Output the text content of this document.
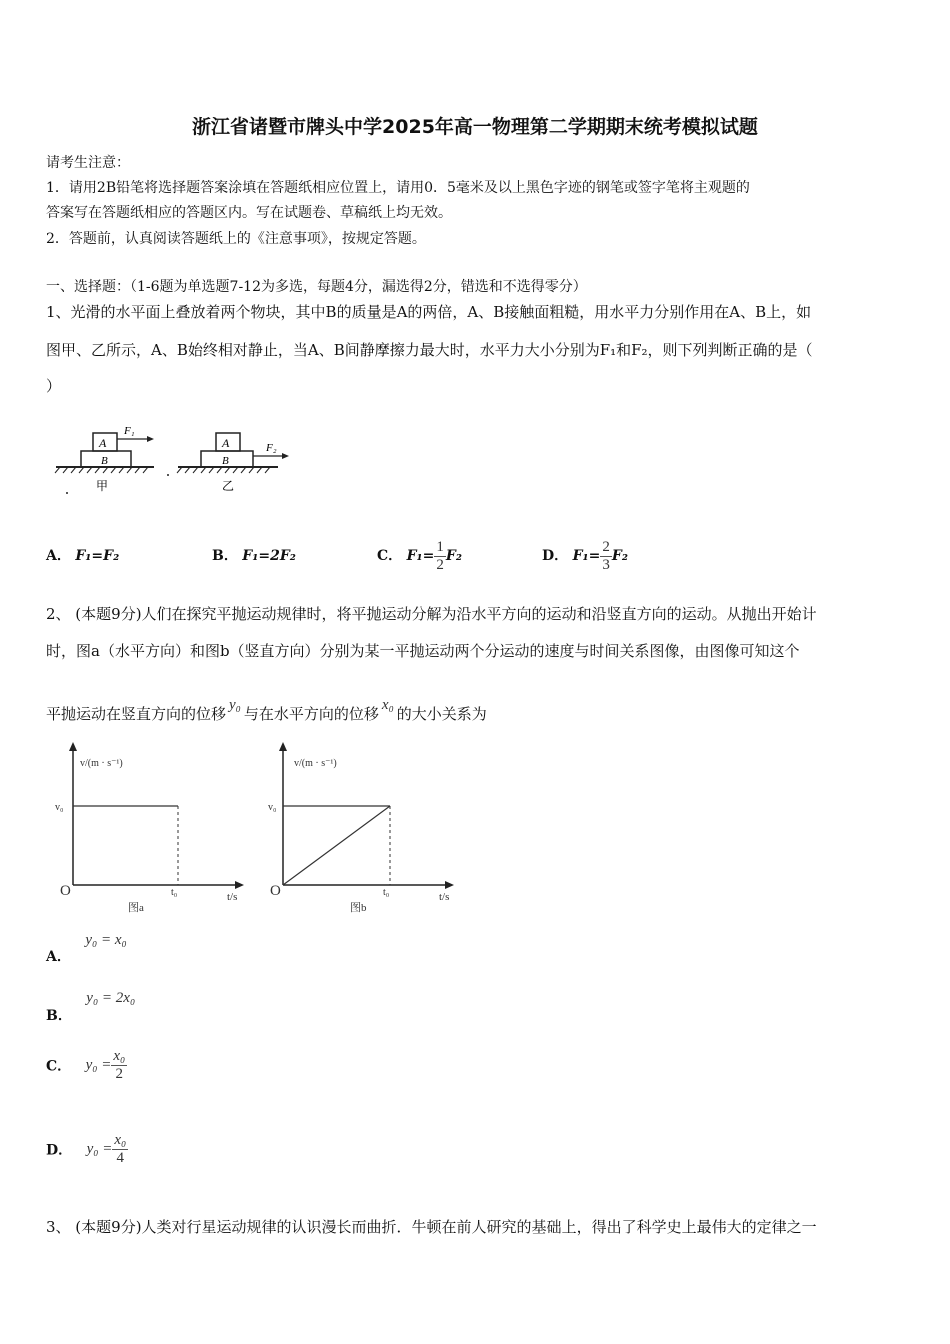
浙江省诸暨市牌头中学2025年高一物理第二学期期末统考模拟试题
请考生注意：
1．请用2B铅笔将选择题答案涂填在答题纸相应位置上，请用0．5毫米及以上黑色字迹的钢笔或签字笔将主观题的
答案写在答题纸相应的答题区内。写在试题卷、草稿纸上均无效。
2．答题前，认真阅读答题纸上的《注意事项》，按规定答题。
一、选择题：（1-6题为单选题7-12为多选，每题4分，漏选得2分，错选和不选得零分）
1、光滑的水平面上叠放着两个物块，其中B的质量是A的两倍，A、B接触面粗糙，用水平力分别作用在A、B上，如
图甲、乙所示，A、B始终相对静止，当A、B间静摩擦力最大时，水平力大小分别为F₁和F₂，则下列判断正确的是（
）
A
B
F₁
甲
A
B
F₂
乙
A． F₁=F₂	B． F₁=2F₂	C． $F_1= \frac{1}{2} F_2$	D． $F_1= \frac{2}{3} F_2$
2、 (本题9分)人们在探究平抛运动规律时，将平抛运动分解为沿水平方向的运动和沿竖直方向的运动。从抛出开始计
时，图a（水平方向）和图b（竖直方向）分别为某一平抛运动两个分运动的速度与时间关系图像，由图像可知这个
平抛运动在竖直方向的位移 y₀ 与在水平方向的位移 x₀ 的大小关系为
v/(m · s⁻¹)
v₀
O	t₀	t/s
图a
v/(m · s⁻¹)
v₀
O	t₀	t/s
图b
A． y₀ = x₀
B． y₀ = 2x₀
C． $y_0 = \frac{\text{x₀}}{2}$
D． $y_0 = \frac{\text{x₀}}{4}$
3、 (本题9分)人类对行星运动规律的认识漫长而曲折．牛顿在前人研究的基础上，得出了科学史上最伟大的定律之一
